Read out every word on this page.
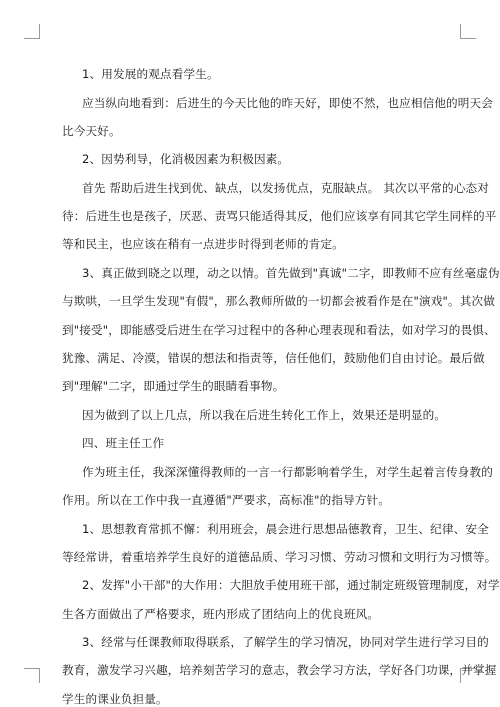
1、用发展的观点看学生。
应当纵向地看到：后进生的今天比他的昨天好，即使不然，也应相信他的明天会
比今天好。
2、因势利导，化消极因素为积极因素。
首先 帮助后进生找到优、缺点，以发扬优点，克服缺点。 其次以平常的心态对
待：后进生也是孩子，厌恶、责骂只能适得其反，他们应该享有同其它学生同样的平
等和民主，也应该在稍有一点进步时得到老师的肯定。
3、真正做到晓之以理，动之以情。首先做到"真诚"二字，即教师不应有丝毫虚伪
与欺哄，一旦学生发现"有假"，那么教师所做的一切都会被看作是在"演戏"。其次做
到"接受"，即能感受后进生在学习过程中的各种心理表现和看法，如对学习的畏惧、
犹豫、满足、冷漠，错误的想法和指责等，信任他们，鼓励他们自由讨论。最后做
到"理解"二字，即通过学生的眼睛看事物。
因为做到了以上几点，所以我在后进生转化工作上，效果还是明显的。
四、班主任工作
作为班主任，我深深懂得教师的一言一行都影响着学生，对学生起着言传身教的
作用。所以在工作中我一直遵循"严要求，高标准"的指导方针。
1、思想教育常抓不懈：利用班会，晨会进行思想品德教育，卫生、纪律、安全
等经常讲，着重培养学生良好的道德品质、学习习惯、劳动习惯和文明行为习惯等。
2、发挥"小干部"的大作用：大胆放手使用班干部，通过制定班级管理制度，对学
生各方面做出了严格要求，班内形成了团结向上的优良班风。
3、经常与任课教师取得联系，了解学生的学习情况，协同对学生进行学习目的
教育，激发学习兴趣，培养刻苦学习的意志，教会学习方法，学好各门功课，并掌握
学生的课业负担量。
